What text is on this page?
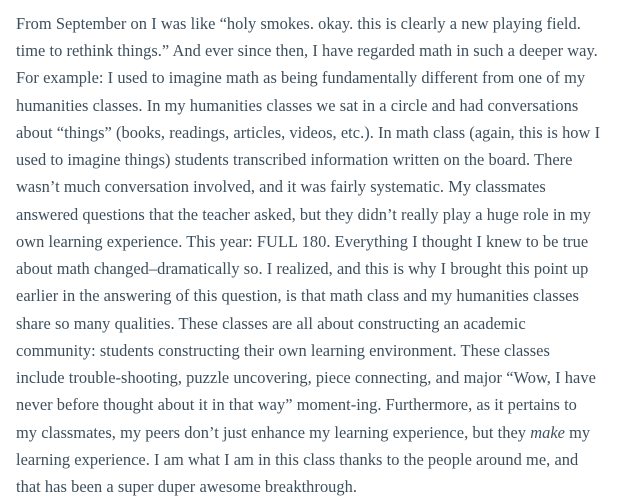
From September on I was like “holy smokes. okay. this is clearly a new playing field. time to rethink things.” And ever since then, I have regarded math in such a deeper way. For example: I used to imagine math as being fundamentally different from one of my humanities classes. In my humanities classes we sat in a circle and had conversations about “things” (books, readings, articles, videos, etc.). In math class (again, this is how I used to imagine things) students transcribed information written on the board. There wasn’t much conversation involved, and it was fairly systematic. My classmates answered questions that the teacher asked, but they didn’t really play a huge role in my own learning experience. This year: FULL 180. Everything I thought I knew to be true about math changed–dramatically so. I realized, and this is why I brought this point up earlier in the answering of this question, is that math class and my humanities classes share so many qualities. These classes are all about constructing an academic community: students constructing their own learning environment. These classes include trouble-shooting, puzzle uncovering, piece connecting, and major “Wow, I have never before thought about it in that way” moment-ing. Furthermore, as it pertains to my classmates, my peers don’t just enhance my learning experience, but they make my learning experience. I am what I am in this class thanks to the people around me, and that has been a super duper awesome breakthrough.
